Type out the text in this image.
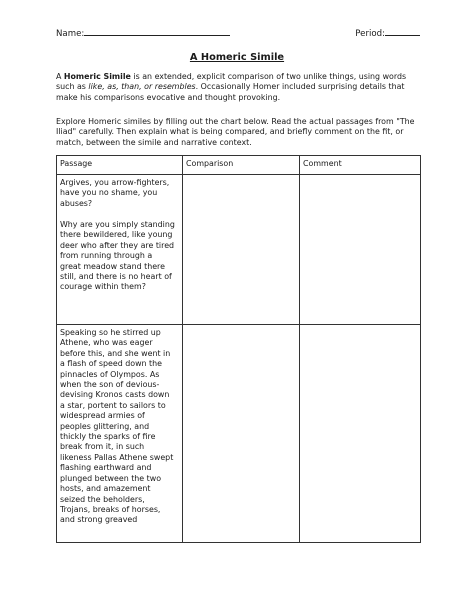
Name:	Period:
A Homeric Simile

A Homeric Simile is an extended, explicit comparison of two unlike things, using words such as like, as, than, or resembles. Occasionally Homer included surprising details that make his comparisons evocative and thought provoking.

Explore Homeric similes by filling out the chart below. Read the actual passages from "The Iliad" carefully. Then explain what is being compared, and briefly comment on the fit, or match, between the simile and narrative context.

Passage	Comparison	Comment

Argives, you arrow-fighters,
have you no shame, you
abuses?

Why are you simply standing
there bewildered, like young
deer who after they are tired
from running through a
great meadow stand there
still, and there is no heart of
courage within them?

Speaking so he stirred up
Athene, who was eager
before this, and she went in
a flash of speed down the
pinnacles of Olympos. As
when the son of devious-
devising Kronos casts down
a star, portent to sailors to
widespread armies of
peoples glittering, and
thickly the sparks of fire
break from it, in such
likeness Pallas Athene swept
flashing earthward and
plunged between the two
hosts, and amazement
seized the beholders,
Trojans, breaks of horses,
and strong greaved
